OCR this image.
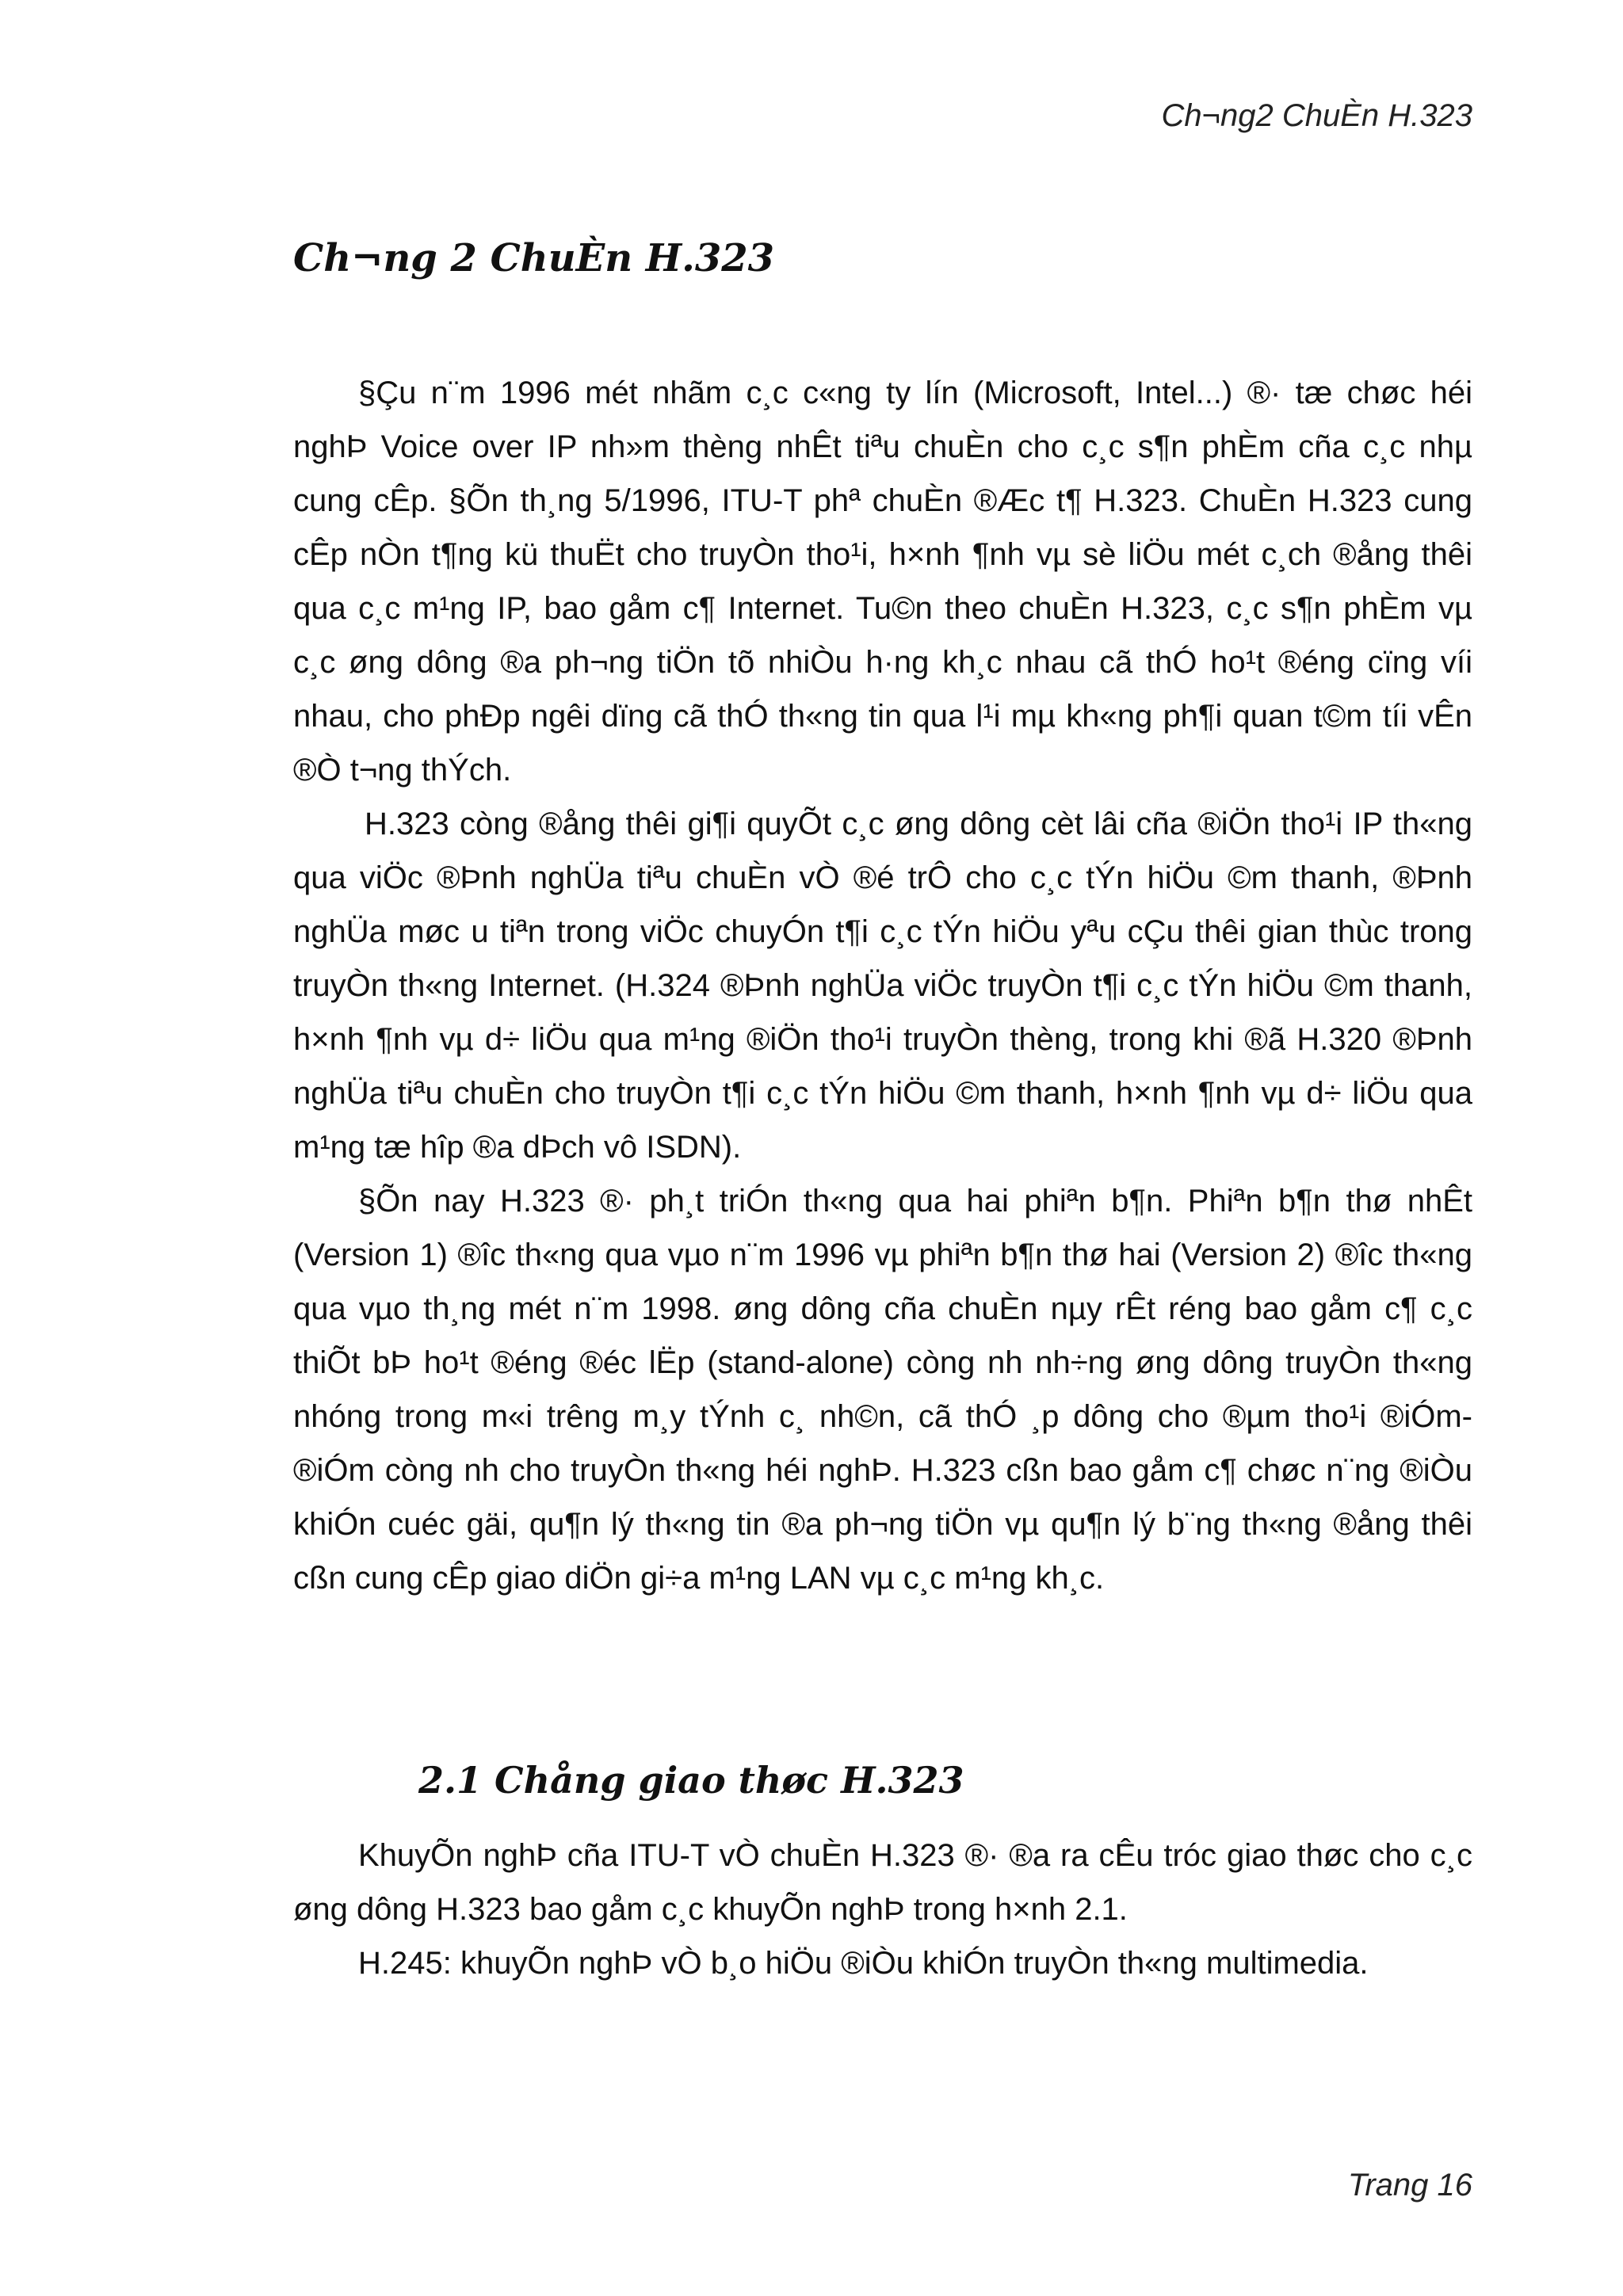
Ch¬ng2 ChuÈn H.323
Ch¬ng 2 ChuÈn H.323

§Çu n¨m 1996 mét nhãm c¸c c«ng ty lín (Microsoft, Intel...) ®· tæ chøc héi nghÞ Voice over IP nh»m thèng nhÊt tiªu chuÈn cho c¸c s¶n phÈm cña c¸c nhµ cung cÊp. §Õn th¸ng 5/1996, ITU-T phª chuÈn ®Æc t¶ H.323. ChuÈn H.323 cung cÊp nÒn t¶ng kü thuËt cho truyÒn tho¹i, h×nh ¶nh vµ sè liÖu mét c¸ch ®ång thêi qua c¸c m¹ng IP, bao gåm c¶ Internet. Tu©n theo chuÈn H.323, c¸c s¶n phÈm vµ c¸c øng dông ®a ph¬ng tiÖn tõ nhiÒu h·ng kh¸c nhau cã thÓ ho¹t ®éng cïng víi nhau, cho phÐp ngêi dïng cã thÓ th«ng tin qua l¹i mµ kh«ng ph¶i quan t©m tíi vÊn ®Ò t¬ng thÝch.

H.323 còng ®ång thêi gi¶i quyÕt c¸c øng dông cèt lâi cña ®iÖn tho¹i IP th«ng qua viÖc ®Þnh nghÜa tiªu chuÈn vÒ ®é trÔ cho c¸c tÝn hiÖu ©m thanh, ®Þnh nghÜa møc u tiªn trong viÖc chuyÓn t¶i c¸c tÝn hiÖu yªu cÇu thêi gian thùc trong truyÒn th«ng Internet. (H.324 ®Þnh nghÜa viÖc truyÒn t¶i c¸c tÝn hiÖu ©m thanh, h×nh ¶nh vµ d÷ liÖu qua m¹ng ®iÖn tho¹i truyÒn thèng, trong khi ®ã H.320 ®Þnh nghÜa tiªu chuÈn cho truyÒn t¶i c¸c tÝn hiÖu ©m thanh, h×nh ¶nh vµ d÷ liÖu qua m¹ng tæ hîp ®a dÞch vô ISDN).

§Õn nay H.323 ®· ph¸t triÓn th«ng qua hai phiªn b¶n. Phiªn b¶n thø nhÊt (Version 1) ®îc th«ng qua vµo n¨m 1996 vµ phiªn b¶n thø hai (Version 2) ®îc th«ng qua vµo th¸ng mét n¨m 1998. øng dông cña chuÈn nµy rÊt réng bao gåm c¶ c¸c thiÕt bÞ ho¹t ®éng ®éc lËp (stand-alone) còng nh nh÷ng øng dông truyÒn th«ng nhóng trong m«i trêng m¸y tÝnh c¸ nh©n, cã thÓ ¸p dông cho ®µm tho¹i ®iÓm-®iÓm còng nh cho truyÒn th«ng héi nghÞ. H.323 cßn bao gåm c¶ chøc n¨ng ®iÒu khiÓn cuéc gäi, qu¶n lý th«ng tin ®a ph¬ng tiÖn vµ qu¶n lý b¨ng th«ng ®ång thêi cßn cung cÊp giao diÖn gi÷a m¹ng LAN vµ c¸c m¹ng kh¸c.

2.1 Chång giao thøc H.323

KhuyÕn nghÞ cña ITU-T vÒ chuÈn H.323 ®· ®a ra cÊu tróc giao thøc cho c¸c øng dông H.323 bao gåm c¸c khuyÕn nghÞ trong h×nh 2.1.

H.245: khuyÕn nghÞ vÒ b¸o hiÖu ®iÒu khiÓn truyÒn th«ng multimedia.

Trang 16
